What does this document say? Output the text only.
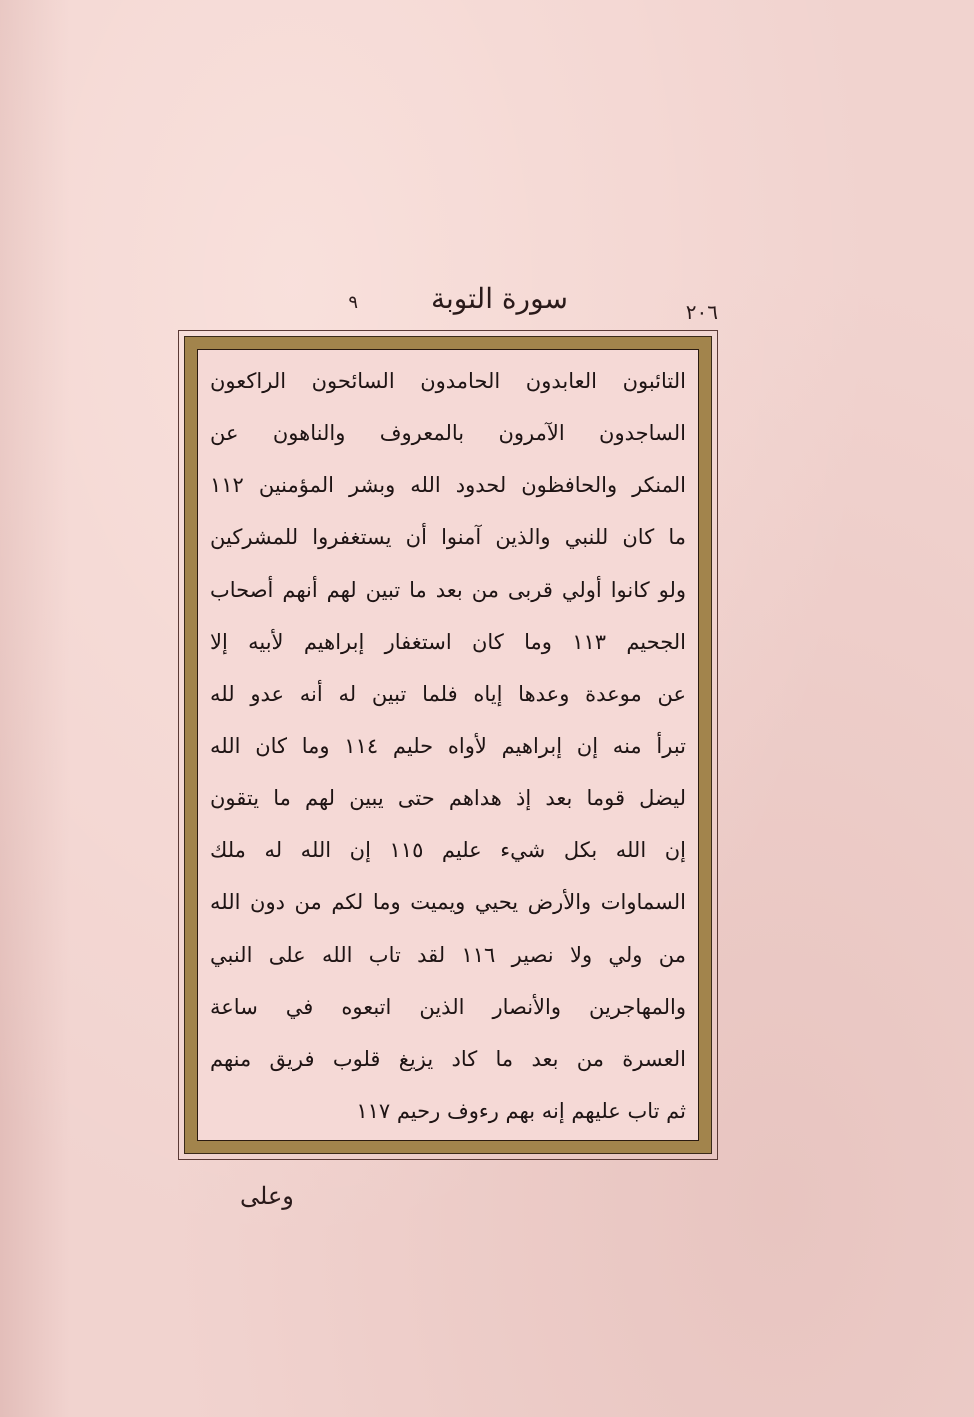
٢٠٦
سورة التوبة
٩
التائبون العابدون الحامدون السائحون الراكعون
الساجدون الآمرون بالمعروف والناهون عن
المنكر والحافظون لحدود الله وبشر المؤمنين ١١٢
ما كان للنبي والذين آمنوا أن يستغفروا للمشركين
ولو كانوا أولي قربى من بعد ما تبين لهم أنهم أصحاب
الجحيم ١١٣ وما كان استغفار إبراهيم لأبيه إلا
عن موعدة وعدها إياه فلما تبين له أنه عدو لله
تبرأ منه إن إبراهيم لأواه حليم ١١٤ وما كان الله
ليضل قوما بعد إذ هداهم حتى يبين لهم ما يتقون
إن الله بكل شيء عليم ١١٥ إن الله له ملك
السماوات والأرض يحيي ويميت وما لكم من دون الله
من ولي ولا نصير ١١٦ لقد تاب الله على النبي
والمهاجرين والأنصار الذين اتبعوه في ساعة
العسرة من بعد ما كاد يزيغ قلوب فريق منهم
ثم تاب عليهم إنه بهم رءوف رحيم ١١٧
وعلى
